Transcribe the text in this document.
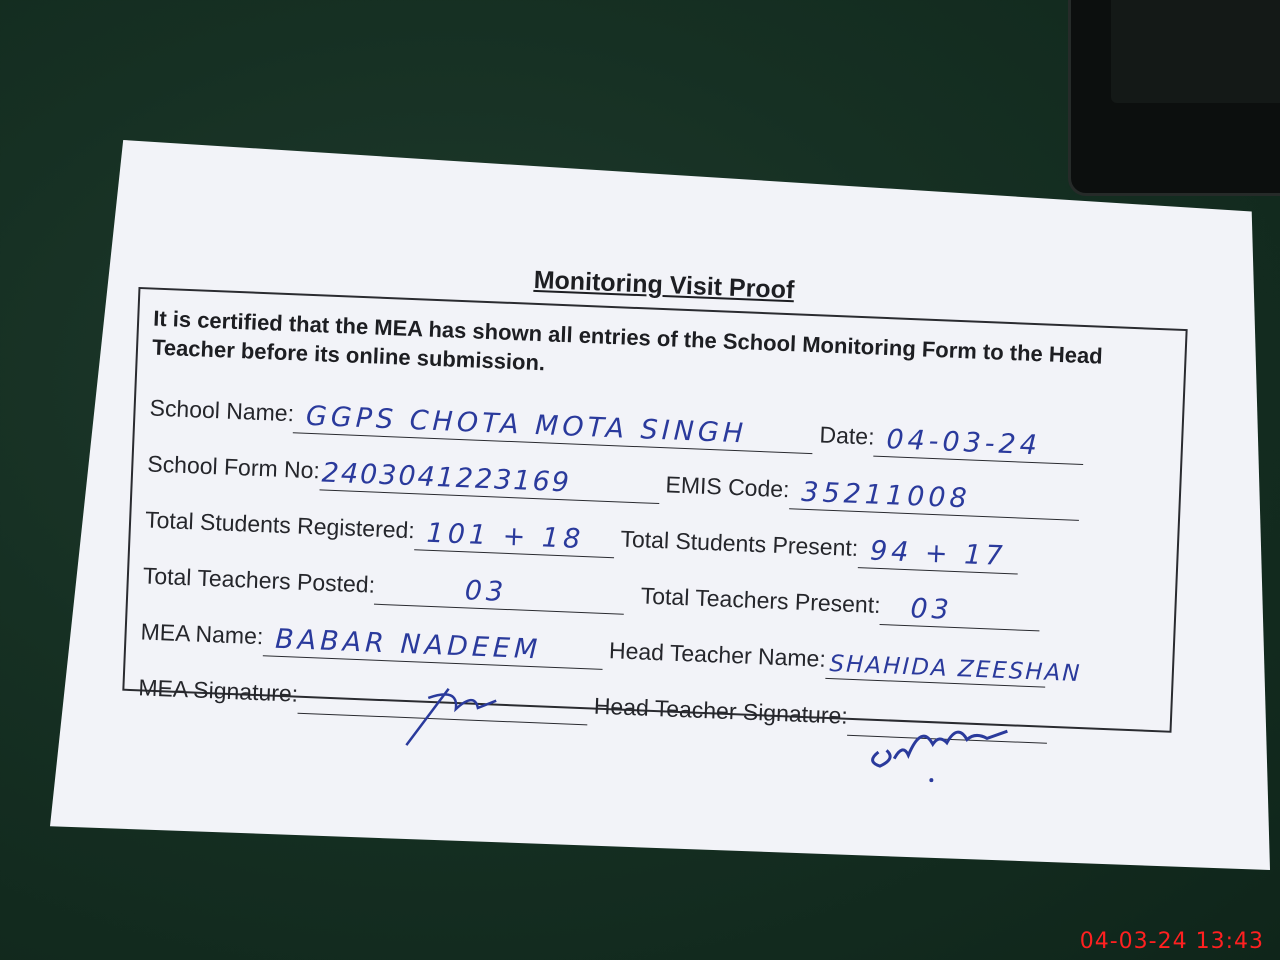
Monitoring Visit Proof
It is certified that the MEA has shown all entries of the School Monitoring Form to the Head Teacher before its online submission.
School Name: GGPS CHOTA MOTA SINGH	Date: 04-03-24
School Form No: 2403041223169	EMIS Code: 35211008
Total Students Registered: 101 + 18 Total Students Present: 94 + 17
Total Teachers Posted:	03	Total Teachers Present: 03
MEA Name: BABAR NADEEM	Head Teacher Name: SHAHIDA ZEESHAN
MEA Signature:
Head Teacher Signature:
04-03-24 13:43
